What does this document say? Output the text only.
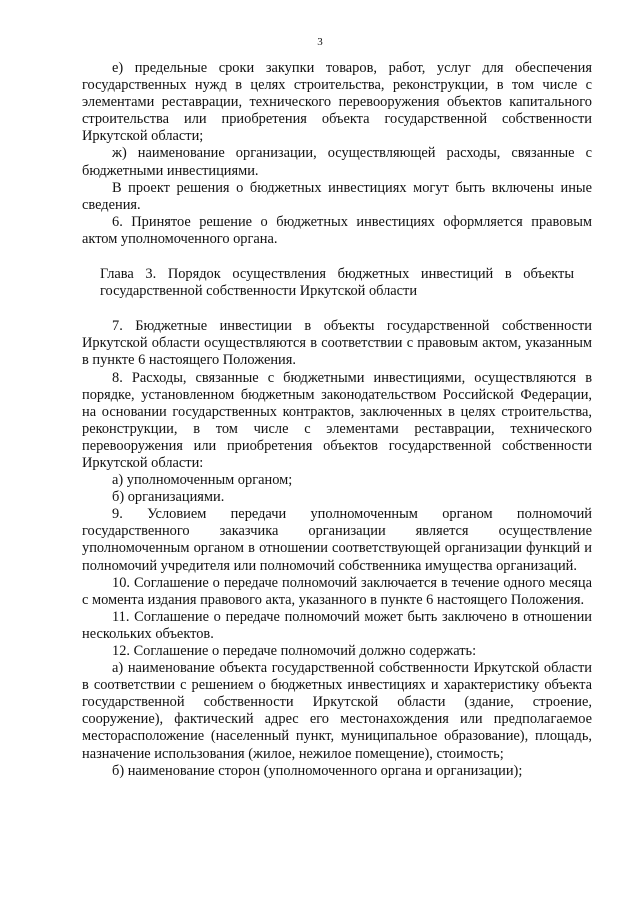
3

е) предельные сроки закупки товаров, работ, услуг для обеспечения государственных нужд в целях строительства, реконструкции, в том числе с элементами реставрации, технического перевооружения объектов капитального строительства или приобретения объекта государственной собственности Иркутской области;

ж) наименование организации, осуществляющей расходы, связанные с бюджетными инвестициями.

В проект решения о бюджетных инвестициях могут быть включены иные сведения.

6. Принятое решение о бюджетных инвестициях оформляется правовым актом уполномоченного органа.

Глава 3. Порядок осуществления бюджетных инвестиций в объекты государственной собственности Иркутской области

7. Бюджетные инвестиции в объекты государственной собственности Иркутской области осуществляются в соответствии с правовым актом, указанным в пункте 6 настоящего Положения.

8. Расходы, связанные с бюджетными инвестициями, осуществляются в порядке, установленном бюджетным законодательством Российской Федерации, на основании государственных контрактов, заключенных в целях строительства, реконструкции, в том числе с элементами реставрации, технического перевооружения или приобретения объектов государственной собственности Иркутской области:

а) уполномоченным органом;

б) организациями.

9. Условием передачи уполномоченным органом полномочий государственного заказчика организации является осуществление уполномоченным органом в отношении соответствующей организации функций и полномочий учредителя или полномочий собственника имущества организаций.

10. Соглашение о передаче полномочий заключается в течение одного месяца с момента издания правового акта, указанного в пункте 6 настоящего Положения.

11. Соглашение о передаче полномочий может быть заключено в отношении нескольких объектов.

12. Соглашение о передаче полномочий должно содержать:

а) наименование объекта государственной собственности Иркутской области в соответствии с решением о бюджетных инвестициях и характеристику объекта государственной собственности Иркутской области (здание, строение, сооружение), фактический адрес его местонахождения или предполагаемое месторасположение (населенный пункт, муниципальное образование), площадь, назначение использования (жилое, нежилое помещение), стоимость;

б) наименование сторон (уполномоченного органа и организации);
